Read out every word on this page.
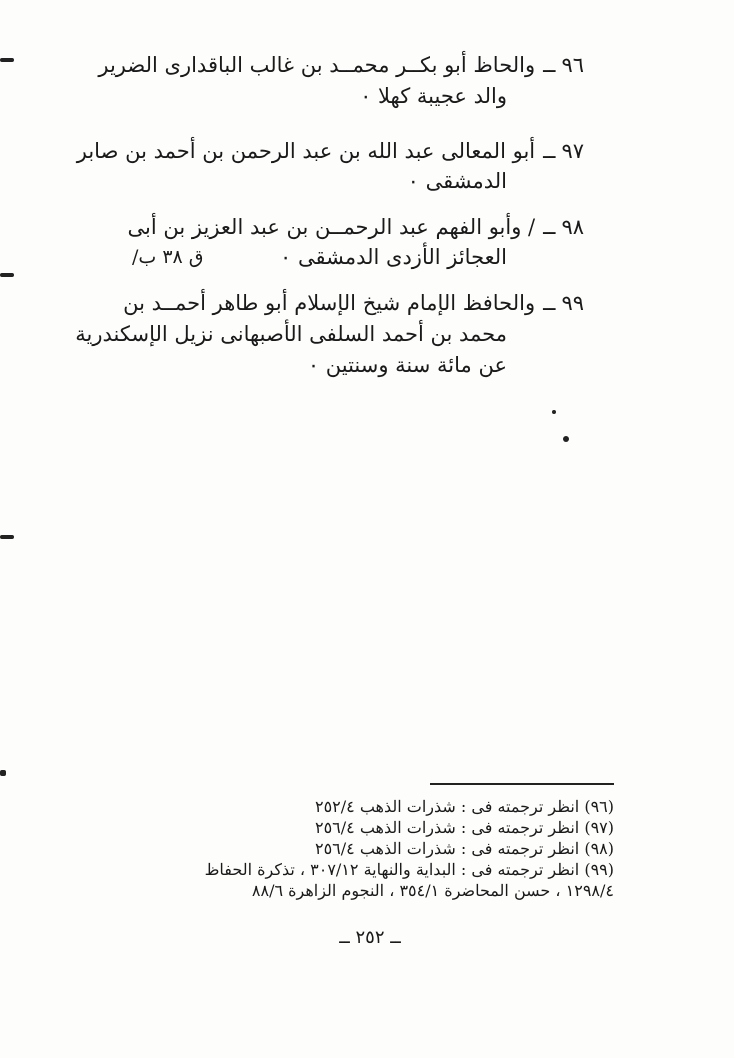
٩٦ــوالحاظ أبو بكــر محمــد بن غالب الباقدارى الضرير
والد عجيبة كهلا ٠
٩٧ــأبو المعالى عبد الله بن عبد الرحمن بن أحمد بن صابر
الدمشقى ٠
٩٨ــ/ وأبو الفهم عبد الرحمــن بن عبد العزيز بن أبى
العجائز الأزدى الدمشقى ٠
/ق ٣٨ ب
٩٩ــوالحافظ الإمام شيخ الإسلام أبو طاهر أحمــد بن
محمد بن أحمد السلفى الأصبهانى نزيل الإسكندرية
عن مائة سنة وسنتين ٠
(٩٦) انظر ترجمته فى : شذرات الذهب ٢٥٢/٤
(٩٧) انظر ترجمته فى : شذرات الذهب ٢٥٦/٤
(٩٨) انظر ترجمته فى : شذرات الذهب ٢٥٦/٤
(٩٩) انظر ترجمته فى : البداية والنهاية ٣٠٧/١٢ ، تذكرة الحفاظ
١٢٩٨/٤ ، حسن المحاضرة ٣٥٤/١ ، النجوم الزاهرة ٨٨/٦
ــ ٢٥٢ ــ
